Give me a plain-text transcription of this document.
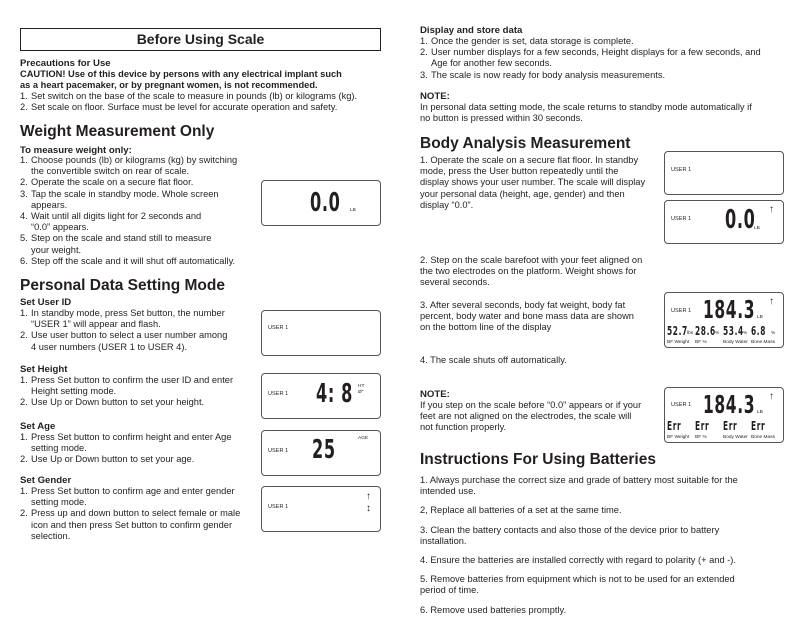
Before Using Scale
Precautions for Use
CAUTION! Use of this device by persons with any electrical implant such
as a heart pacemaker, or by pregnant women, is not recommended.
1. Set switch on the base of the scale to measure in pounds (lb) or kilograms (kg).
2. Set scale on floor. Surface must be level for accurate operation and safety.
Weight Measurement Only
To measure weight only:
1. Choose pounds (lb) or kilograms (kg) by switching
the convertible switch on rear of scale.
2. Operate the scale on a secure flat floor.
3. Tap the scale in standby mode. Whole screen
appears.
4. Wait until all digits light for 2 seconds and
“0.0” appears.
5. Step on the scale and stand still to measure
your weight.
6. Step off the scale and it will shut off automatically.
0.0 LB
Personal Data Setting Mode
Set User ID
1. In standby mode, press Set button, the number
“USER 1” will appear and flash.
2. Use user button to select a user number among
4 user numbers (USER 1 to USER 4).
USER 1
Set Height
1. Press Set button to confirm the user ID and enter
Height setting mode.
2. Use Up or Down button to set your height.
USER 1 4: 8 HT
Ø"
Set Age
1. Press Set button to confirm height and enter Age
setting mode.
2. Use Up or Down button to set your age.
USER 1 25	AGE
Set Gender
1. Press Set button to confirm age and enter gender
setting mode.
2. Press up and down button to select female or male
icon and then press Set button to confirm gender
selection.
USER 1
↑
↕
Display and store data
1. Once the gender is set, data storage is complete.
2. User number displays for a few seconds, Height displays for a few seconds, and
Age for another few seconds.
3. The scale is now ready for body analysis measurements.
NOTE:
In personal data setting mode, the scale returns to standby mode automatically if
no button is pressed within 30 seconds.
Body Analysis Measurement
1. Operate the scale on a secure flat floor. In standby
mode, press the User button repeatedly until the
display shows your user number. The scale will display
your personal data (height, age, gender) and then
display “0.0”.
USER 1
USER 1 0.0
LB
↑
2. Step on the scale barefoot with your feet aligned on
the two electrodes on the platform. Weight shows for
several seconds.
3. After several seconds, body fat weight, body fat
percent, body water and bone mass data are shown
on the bottom line of the display
USER 1 184.3 LB
↑
52.7 lbs
BF Weight
28.6 %
BF %
53.4 %
Body Water
6.8 %
Bone Mass
4. The scale shuts off automatically.
NOTE:
If you step on the scale before “0.0” appears or if your
feet are not aligned on the electrodes, the scale will
not function properly.
USER 1 184.3 LB
↑
Err
BF Weight
Err
BF %
Err
Body Water
Err
Bone Mass
Instructions For Using Batteries

1. Always purchase the correct size and grade of battery most suitable for the
intended use.

2, Replace all batteries of a set at the same time.

3. Clean the battery contacts and also those of the device prior to battery
installation.

4. Ensure the batteries are installed correctly with regard to polarity (+ and -).

5. Remove batteries from equipment which is not to be used for an extended
period of time.

6. Remove used batteries promptly.
